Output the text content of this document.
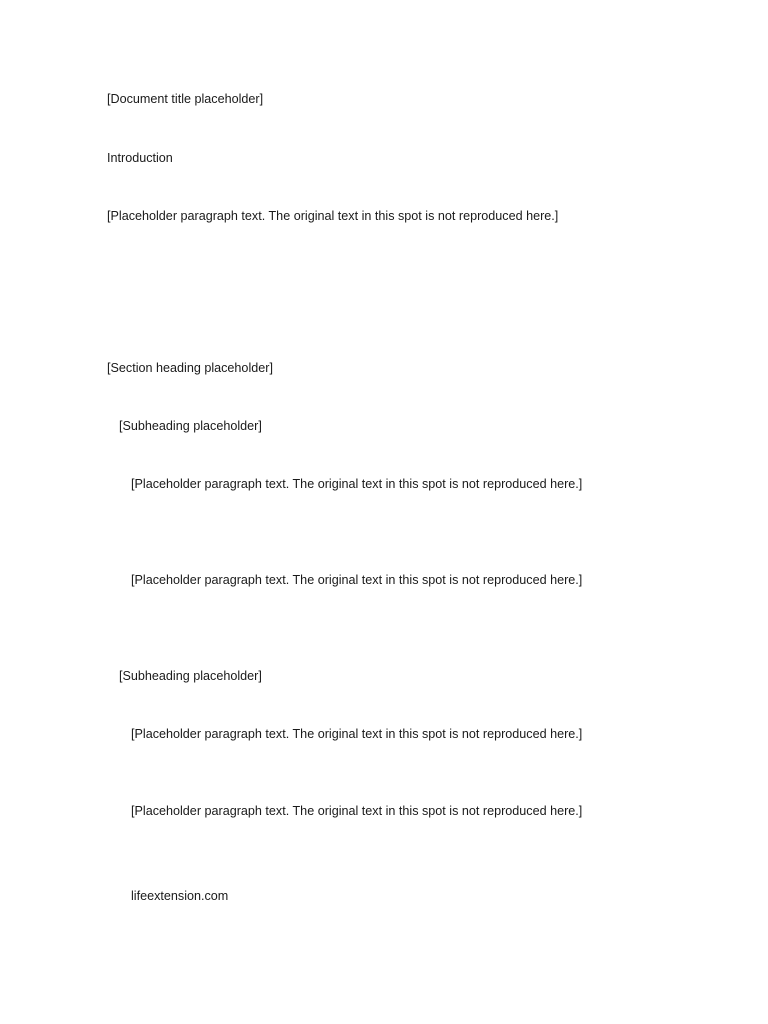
[Document title placeholder]
Introduction
[Placeholder paragraph text. The original text in this spot is not reproduced here.]
[Section heading placeholder]
[Subheading placeholder]
[Placeholder paragraph text. The original text in this spot is not reproduced here.]
[Placeholder paragraph text. The original text in this spot is not reproduced here.]
[Subheading placeholder]
[Placeholder paragraph text. The original text in this spot is not reproduced here.]
[Placeholder paragraph text. The original text in this spot is not reproduced here.]
lifeextension.com
